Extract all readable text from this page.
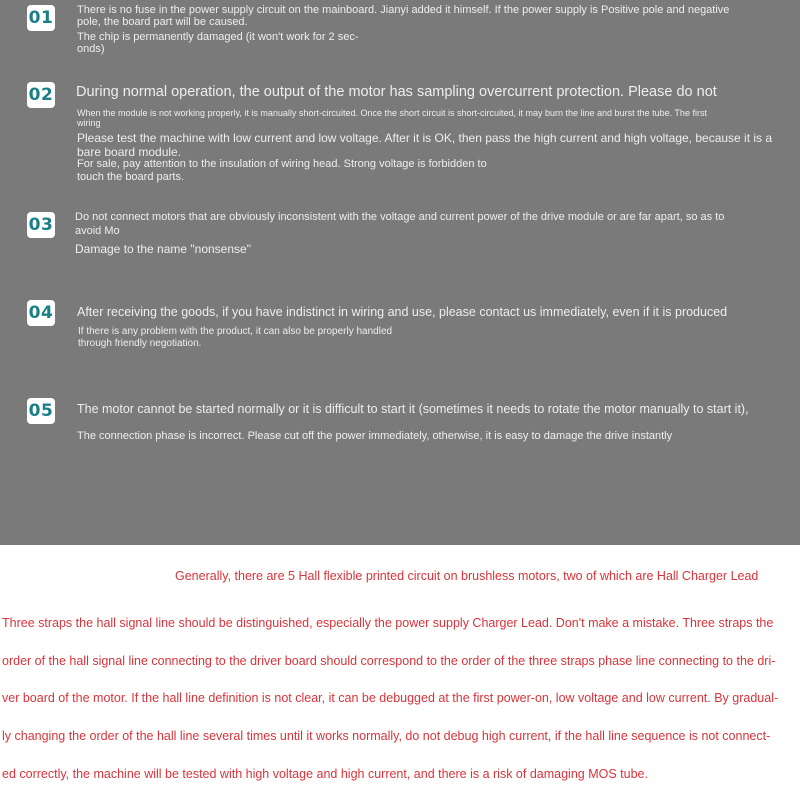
01 There is no fuse in the power supply circuit on the mainboard. Jianyi added it himself. If the power supply is Positive pole and negative
pole, the board part will be caused.
The chip is permanently damaged (it won't work for 2 sec-
onds)
02 During normal operation, the output of the motor has sampling overcurrent protection. Please do not
When the module is not working properly, it is manually short-circuited. Once the short circuit is short-circuited, it may burn the line and burst the tube. The first
wiring
Please test the machine with low current and low voltage. After it is OK, then pass the high current and high voltage, because it is a
bare board module.
For sale, pay attention to the insulation of wiring head. Strong voltage is forbidden to
touch the board parts.
03 Do not connect motors that are obviously inconsistent with the voltage and current power of the drive module or are far apart, so as to
avoid Mo
Damage to the name "nonsense"
04 After receiving the goods, if you have indistinct in wiring and use, please contact us immediately, even if it is produced
If there is any problem with the product, it can also be properly handled
through friendly negotiation.
05 The motor cannot be started normally or it is difficult to start it (sometimes it needs to rotate the motor manually to start it),
The connection phase is incorrect. Please cut off the power immediately, otherwise, it is easy to damage the drive instantly
Generally, there are 5 Hall flexible printed circuit on brushless motors, two of which are Hall Charger Lead
Three straps the hall signal line should be distinguished, especially the power supply Charger Lead. Don't make a mistake. Three straps the
order of the hall signal line connecting to the driver board should correspond to the order of the three straps phase line connecting to the dri-
ver board of the motor. If the hall line definition is not clear, it can be debugged at the first power-on, low voltage and low current. By gradual-
ly changing the order of the hall line several times until it works normally, do not debug high current, if the hall line sequence is not connect-
ed correctly, the machine will be tested with high voltage and high current, and there is a risk of damaging MOS tube.
